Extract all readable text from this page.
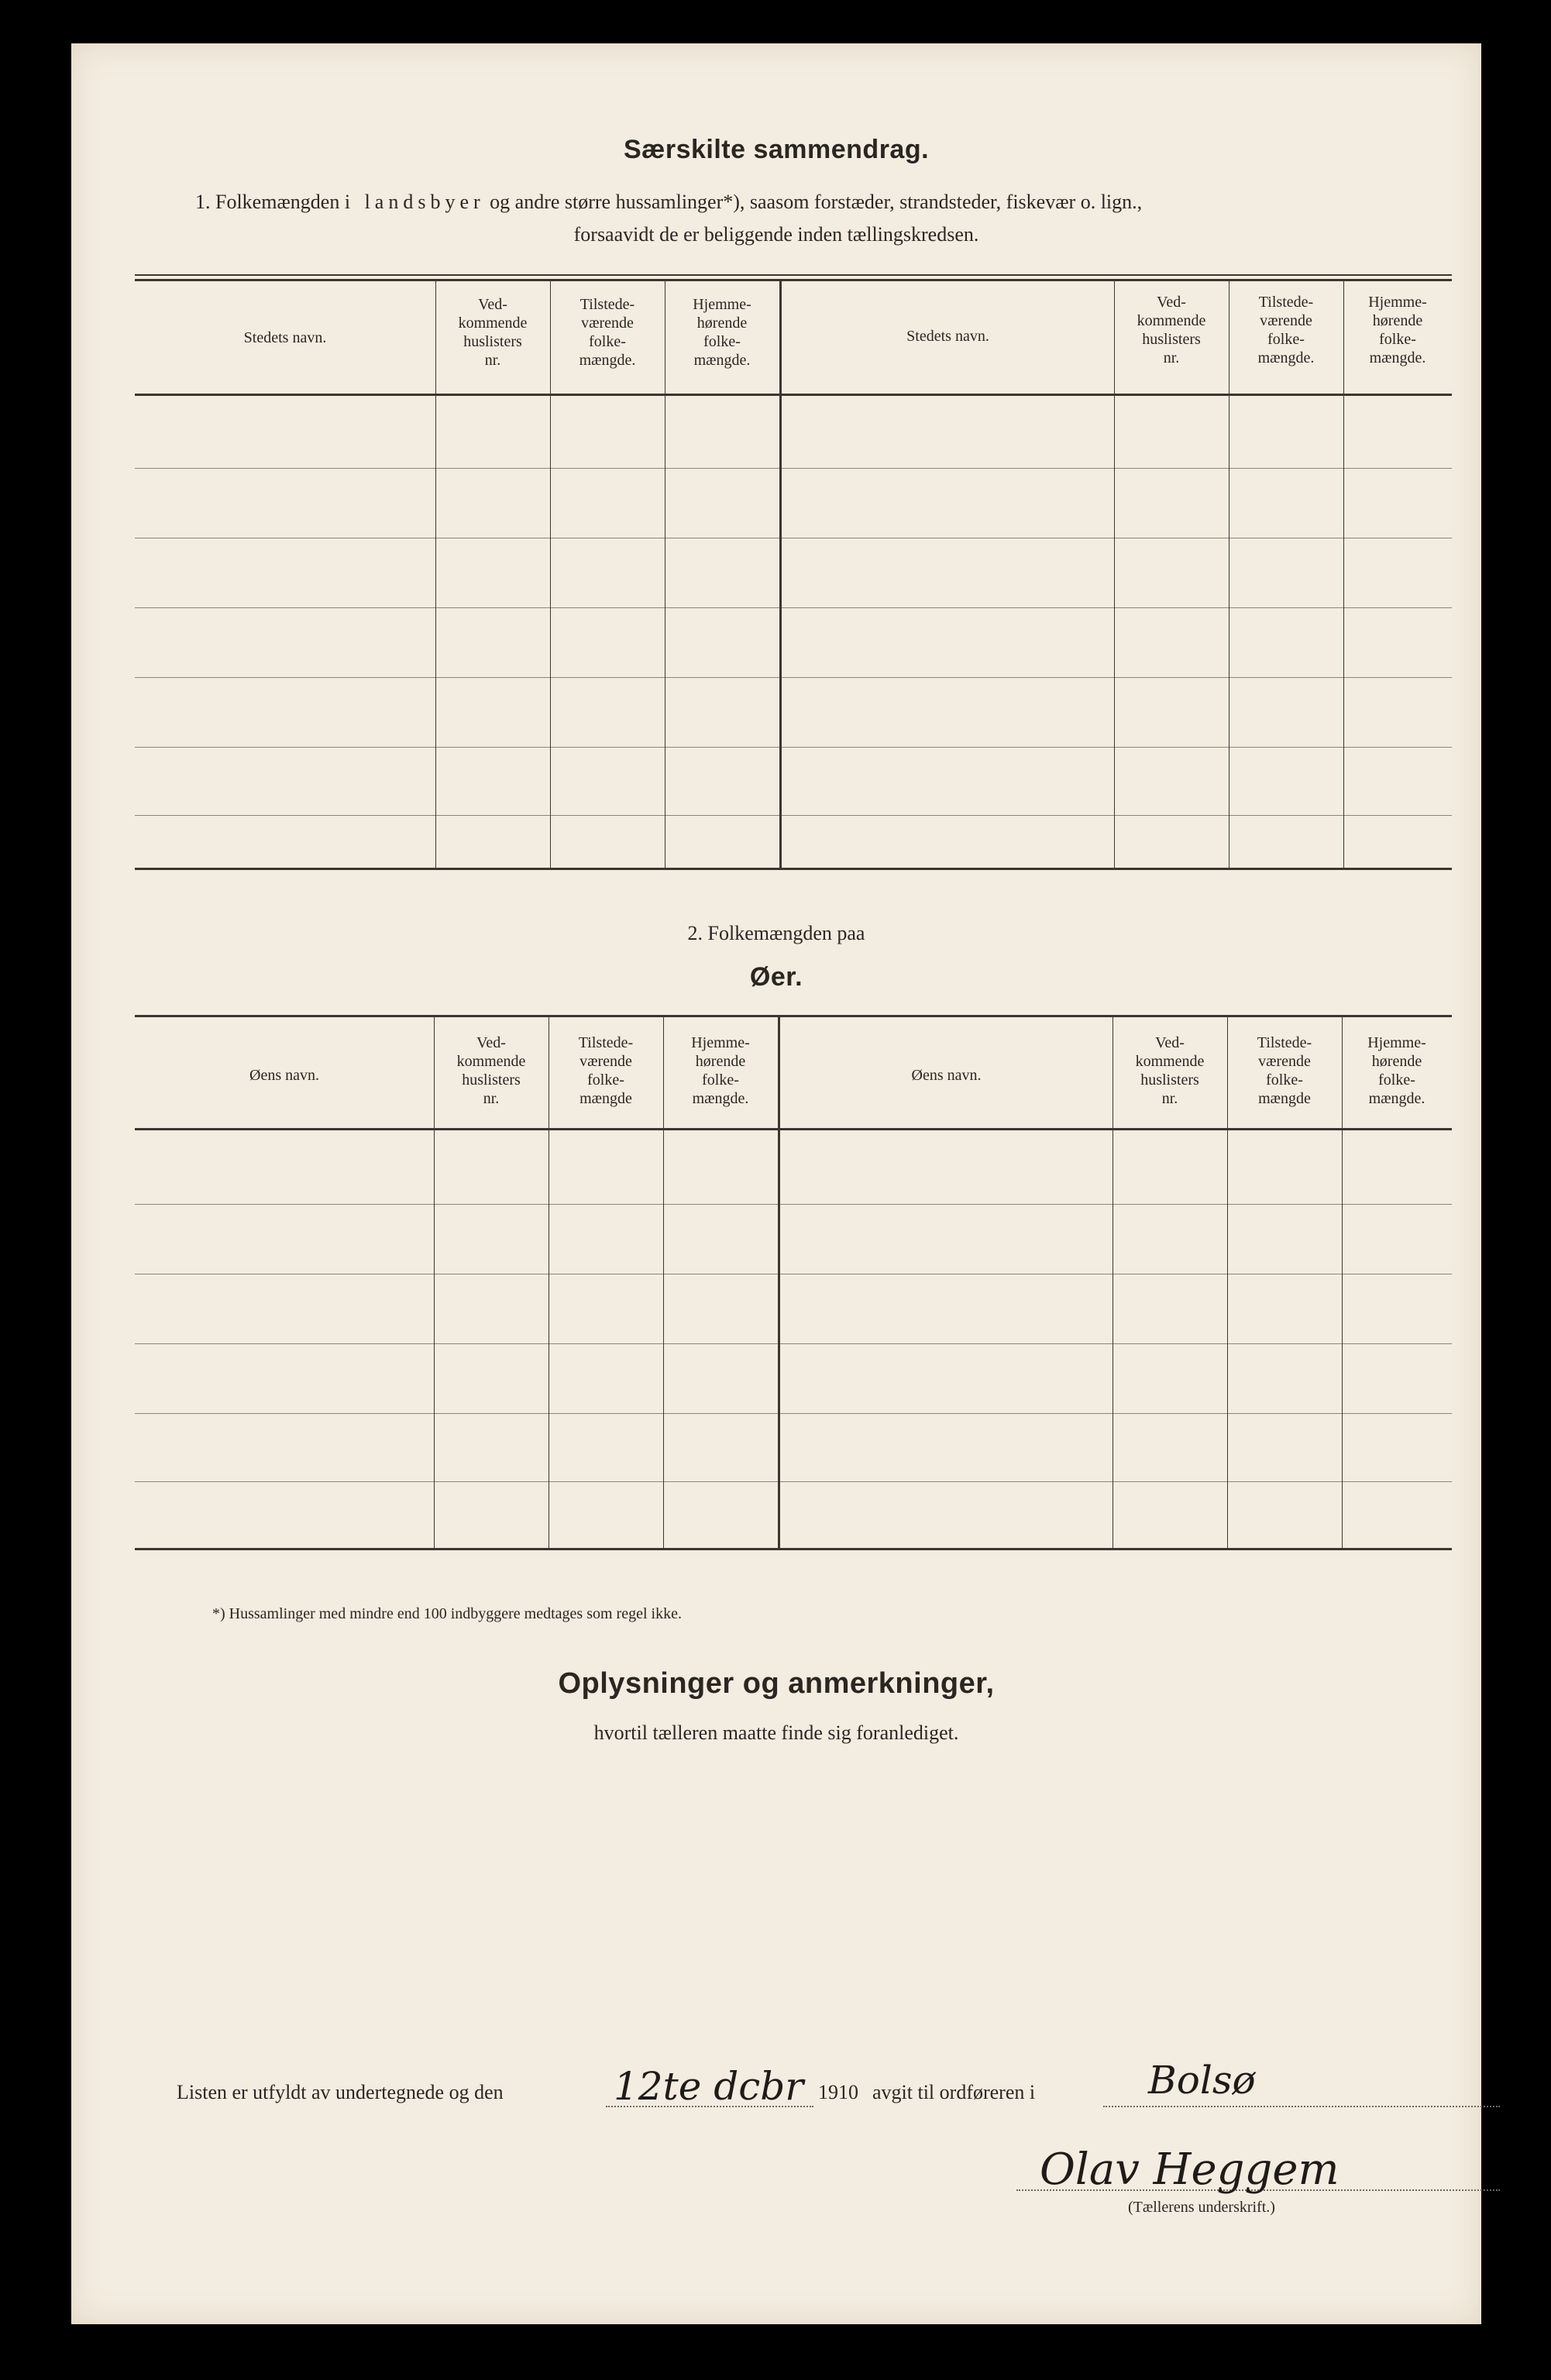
Særskilte sammendrag.
1. Folkemængden i landsbyer og andre større hussamlinger*), saasom forstæder, strandsteder, fiskevær o. lign.,
forsaavidt de er beliggende inden tællingskredsen.
Stedets navn.
Ved-
kommende
huslisters
nr.
Tilstede-
værende
folke-
mængde.
Hjemme-
hørende
folke-
mængde.
Stedets navn.
Ved-
kommende
huslisters
nr.
Tilstede-
værende
folke-
mængde.
Hjemme-
hørende
folke-
mængde.
2. Folkemængden paa
Øer.
Øens navn.
Ved-
kommende
huslisters
nr.
Tilstede-
værende
folke-
mængde
Hjemme-
hørende
folke-
mængde.
Øens navn.
Ved-
kommende
huslisters
nr.
Tilstede-
værende
folke-
mængde
Hjemme-
hørende
folke-
mængde.
*) Hussamlinger med mindre end 100 indbyggere medtages som regel ikke.
Oplysninger og anmerkninger,
hvortil tælleren maatte finde sig foranlediget.
Listen er utfyldt av undertegnede og den	12te dcbr 1910 avgit til ordføreren i	Bolsø
Olav Heggem
(Tællerens underskrift.)
